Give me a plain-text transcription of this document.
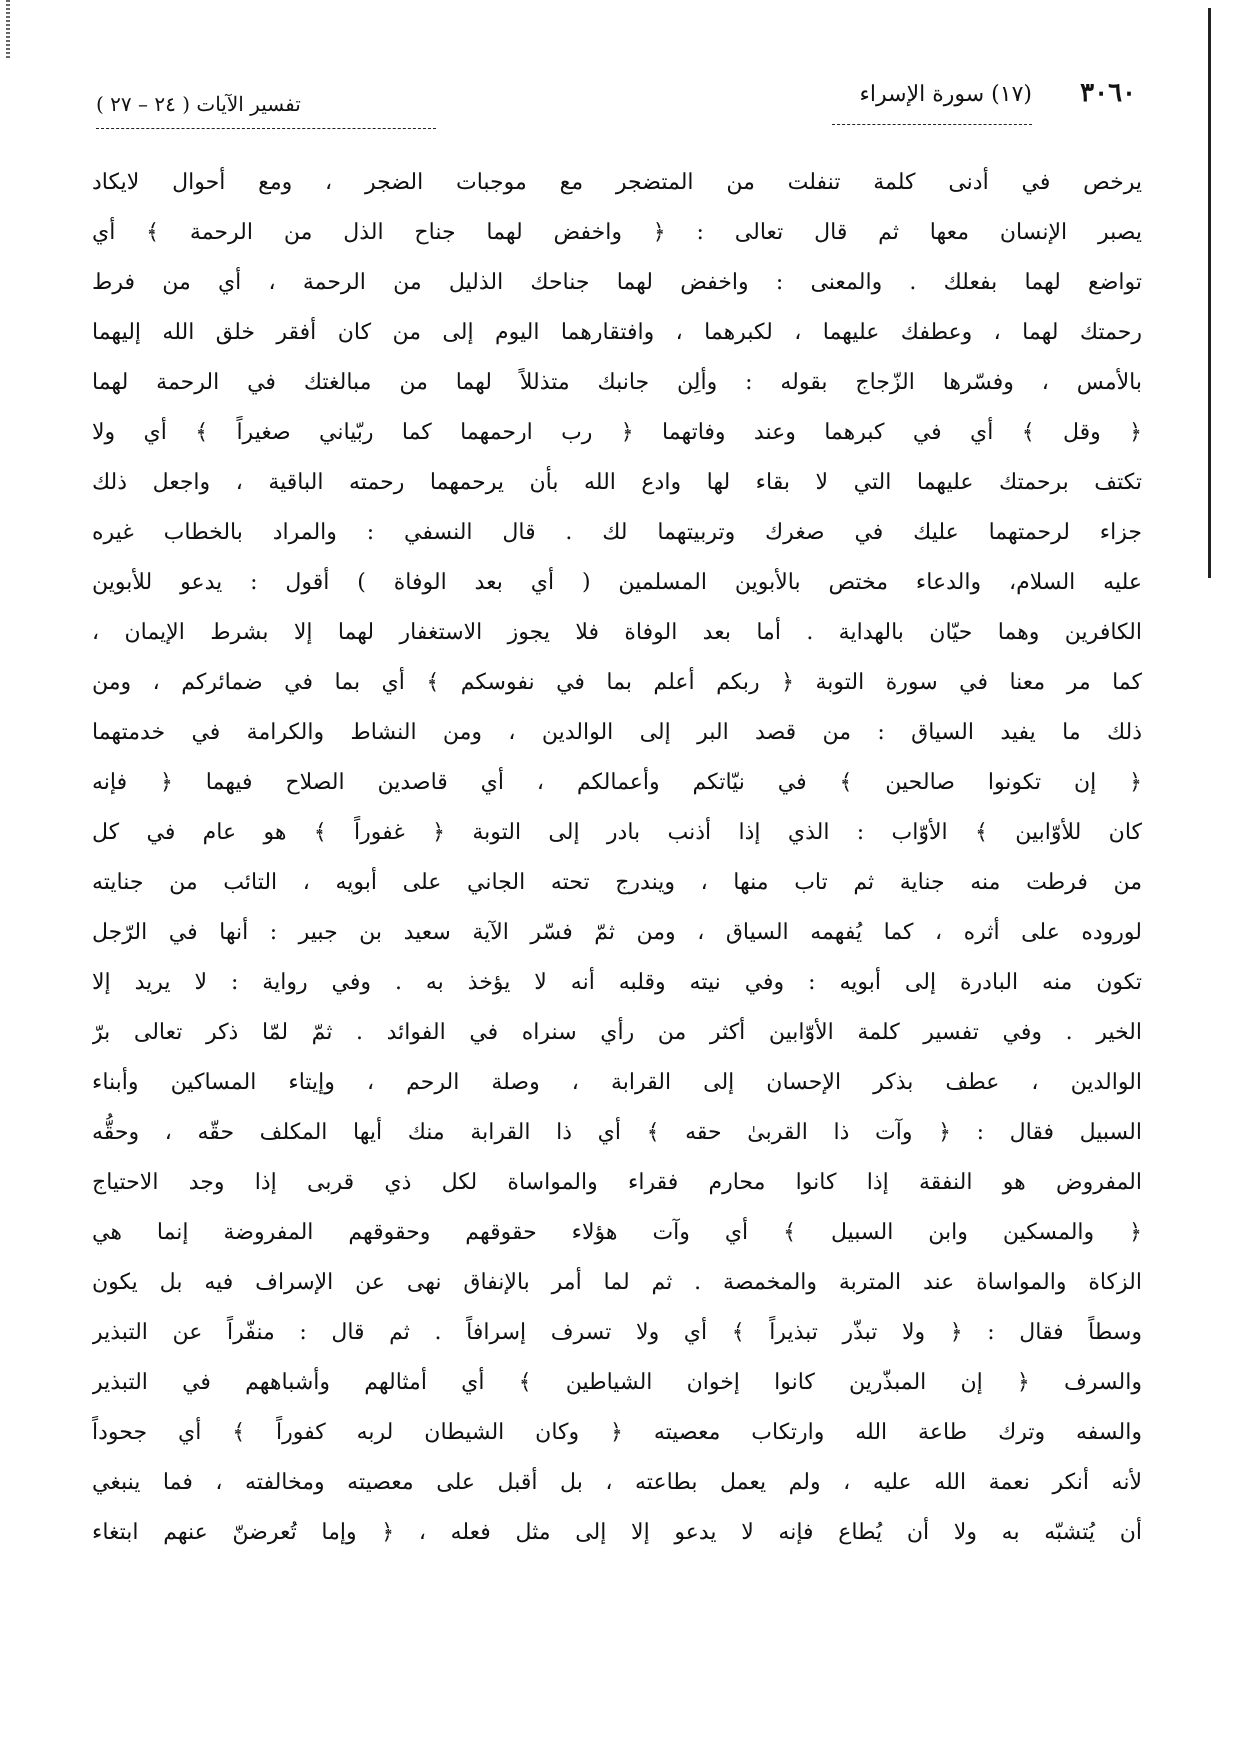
٣٠٦٠
(١٧) سورة الإسراء
تفسير الآيات ( ٢٤ – ٢٧ )
يرخص في أدنى كلمة تنفلت من المتضجر مع موجبات الضجر ، ومع أحوال لايكاد
يصبر الإنسان معها ثم قال تعالى : ﴿ واخفض لهما جناح الذل من الرحمة ﴾ أي
تواضع لهما بفعلك . والمعنى : واخفض لهما جناحك الذليل من الرحمة ، أي من فرط
رحمتك لهما ، وعطفك عليهما ، لكبرهما ، وافتقارهما اليوم إلى من كان أفقر خلق الله إليهما
بالأمس ، وفسّرها الزّجاج بقوله : وألِن جانبك متذللاً لهما من مبالغتك في الرحمة لهما
﴿ وقل ﴾ أي في كبرهما وعند وفاتهما ﴿ رب ارحمهما كما ربّياني صغيراً ﴾ أي ولا
تكتف برحمتك عليهما التي لا بقاء لها وادع الله بأن يرحمهما رحمته الباقية ، واجعل ذلك
جزاء لرحمتهما عليك في صغرك وتربيتهما لك . قال النسفي : والمراد بالخطاب غيره
عليه السلام، والدعاء مختص بالأبوين المسلمين ( أي بعد الوفاة ) أقول : يدعو للأبوين
الكافرين وهما حيّان بالهداية . أما بعد الوفاة فلا يجوز الاستغفار لهما إلا بشرط الإيمان ،
كما مر معنا في سورة التوبة ﴿ ربكم أعلم بما في نفوسكم ﴾ أي بما في ضمائركم ، ومن
ذلك ما يفيد السياق : من قصد البر إلى الوالدين ، ومن النشاط والكرامة في خدمتهما
﴿ إن تكونوا صالحين ﴾ في نيّاتكم وأعمالكم ، أي قاصدين الصلاح فيهما ﴿ فإنه
كان للأوّابين ﴾ الأوّاب : الذي إذا أذنب بادر إلى التوبة ﴿ غفوراً ﴾ هو عام في كل
من فرطت منه جناية ثم تاب منها ، ويندرج تحته الجاني على أبويه ، التائب من جنايته
لوروده على أثره ، كما يُفهمه السياق ، ومن ثمّ فسّر الآية سعيد بن جبير : أنها في الرّجل
تكون منه البادرة إلى أبويه : وفي نيته وقلبه أنه لا يؤخذ به . وفي رواية : لا يريد إلا
الخير . وفي تفسير كلمة الأوّابين أكثر من رأي سنراه في الفوائد . ثمّ لمّا ذكر تعالى برّ
الوالدين ، عطف بذكر الإحسان إلى القرابة ، وصلة الرحم ، وإيتاء المساكين وأبناء
السبيل فقال : ﴿ وآت ذا القربىٰ حقه ﴾ أي ذا القرابة منك أيها المكلف حقّه ، وحقُّه
المفروض هو النفقة إذا كانوا محارم فقراء والمواساة لكل ذي قربى إذا وجد الاحتياج
﴿ والمسكين وابن السبيل ﴾ أي وآت هؤلاء حقوقهم وحقوقهم المفروضة إنما هي
الزكاة والمواساة عند المتربة والمخمصة . ثم لما أمر بالإنفاق نهى عن الإسراف فيه بل يكون
وسطاً فقال : ﴿ ولا تبذّر تبذيراً ﴾ أي ولا تسرف إسرافاً . ثم قال : منفّراً عن التبذير
والسرف ﴿ إن المبذّرين كانوا إخوان الشياطين ﴾ أي أمثالهم وأشباههم في التبذير
والسفه وترك طاعة الله وارتكاب معصيته ﴿ وكان الشيطان لربه كفوراً ﴾ أي جحوداً
لأنه أنكر نعمة الله عليه ، ولم يعمل بطاعته ، بل أقبل على معصيته ومخالفته ، فما ينبغي
أن يُتشبّه به ولا أن يُطاع فإنه لا يدعو إلا إلى مثل فعله ، ﴿ وإما تُعرضنّ عنهم ابتغاء
